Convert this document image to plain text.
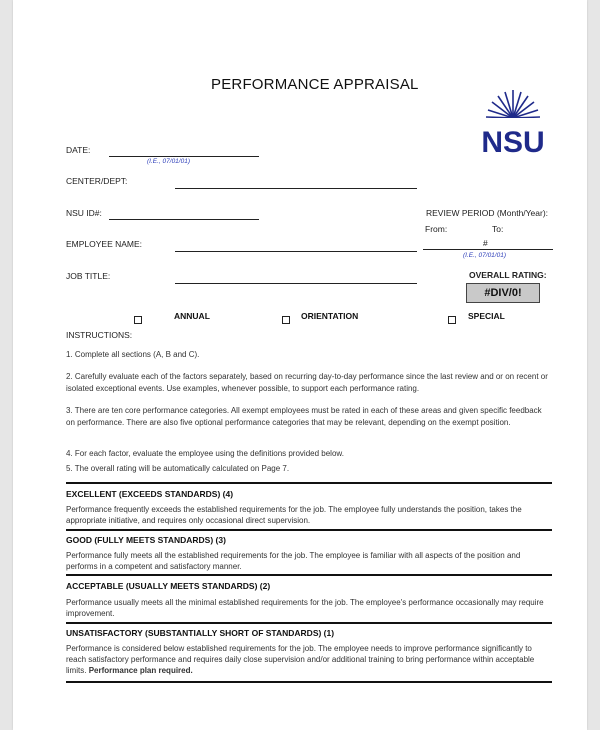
PERFORMANCE APPRAISAL
NSU
DATE:
(I.E., 07/01/01)
CENTER/DEPT:
NSU ID#:
EMPLOYEE NAME:
JOB TITLE:
REVIEW PERIOD (Month/Year):
From:	To:
#
(I.E., 07/01/01)
OVERALL RATING:
#DIV/0!
ANNUAL	ORIENTATION	SPECIAL
INSTRUCTIONS:
1. Complete all sections (A, B and C).
2. Carefully evaluate each of the factors separately, based on recurring day-to-day performance since the last review and or on recent or isolated exceptional events. Use examples, whenever possible, to support each performance rating.
3. There are ten core performance categories. All exempt employees must be rated in each of these areas and given specific feedback on performance. There are also five optional performance categories that may be relevant, depending on the exempt position.
4. For each factor, evaluate the employee using the definitions provided below.
5. The overall rating will be automatically calculated on Page 7.
EXCELLENT (EXCEEDS STANDARDS) (4)
Performance frequently exceeds the established requirements for the job. The employee fully understands the position, takes the appropriate initiative, and requires only occasional direct supervision.
GOOD (FULLY MEETS STANDARDS) (3)
Performance fully meets all the established requirements for the job. The employee is familiar with all aspects of the position and performs in a competent and satisfactory manner.
ACCEPTABLE (USUALLY MEETS STANDARDS) (2)
Performance usually meets all the minimal established requirements for the job. The employee's performance occasionally may require improvement.
UNSATISFACTORY (SUBSTANTIALLY SHORT OF STANDARDS) (1)
Performance is considered below established requirements for the job. The employee needs to improve performance significantly to reach satisfactory performance and requires daily close supervision and/or additional training to bring performance within acceptable limits. Performance plan required.
